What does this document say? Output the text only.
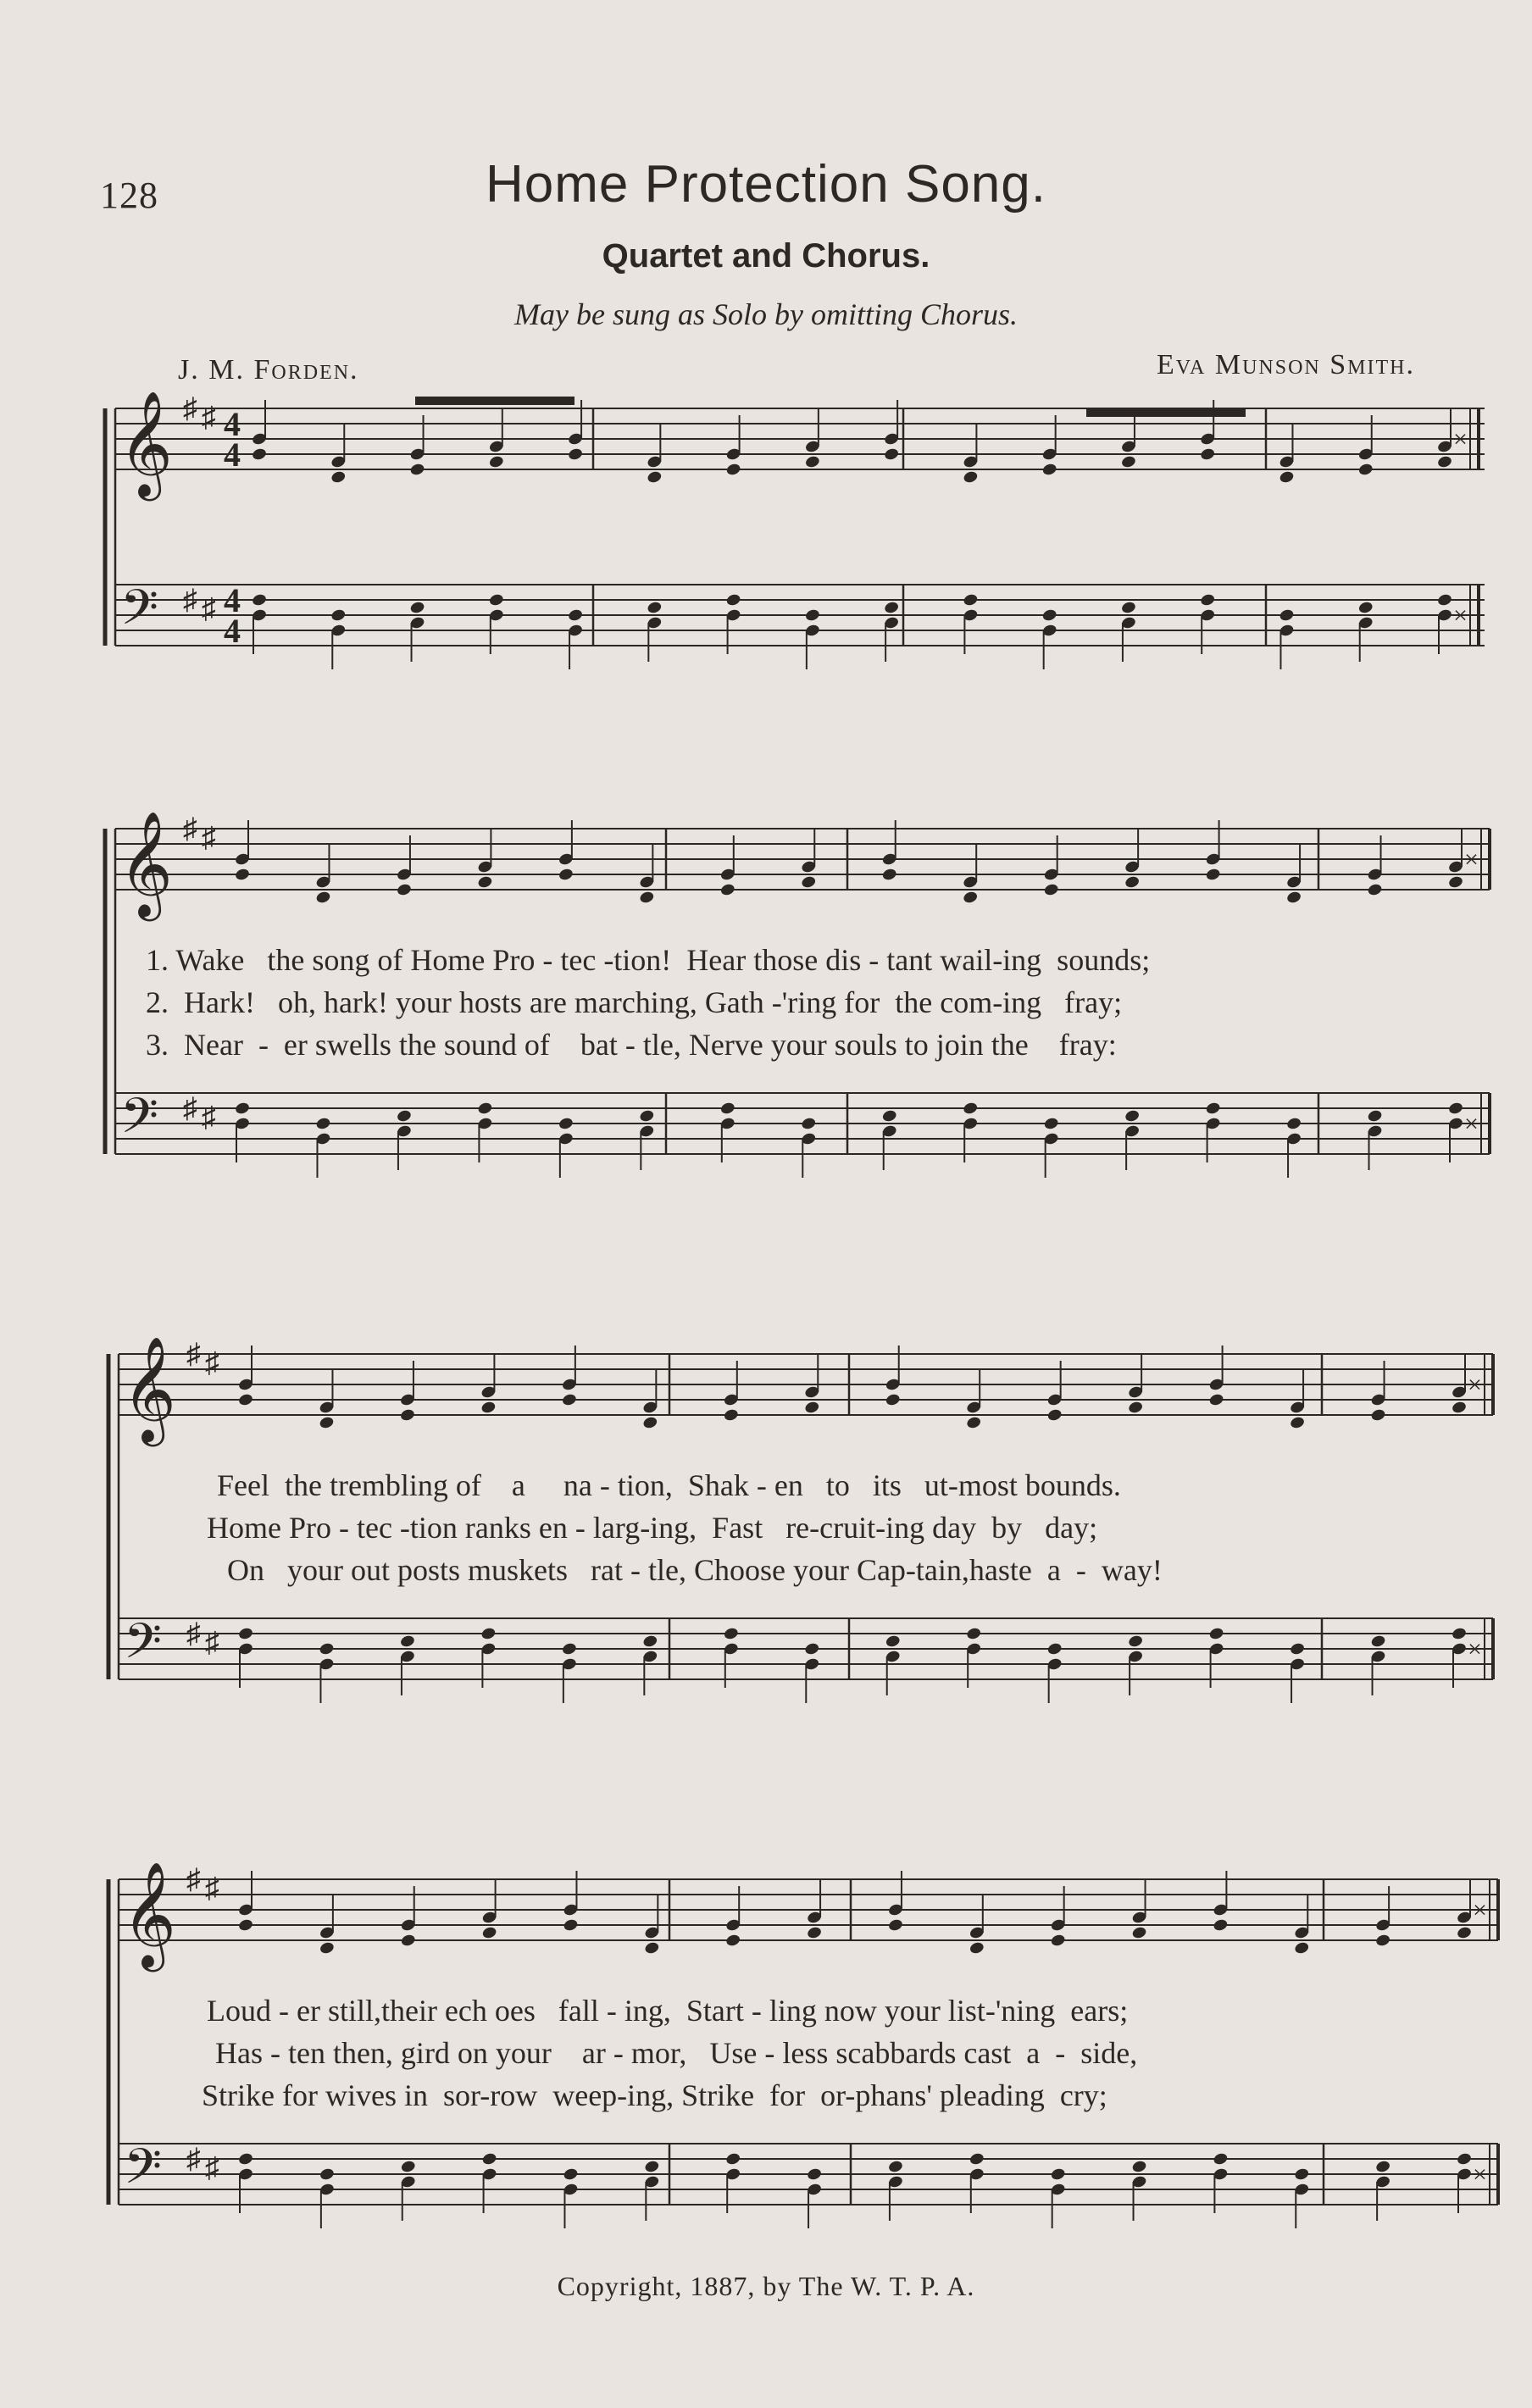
128	Home Protection Song.
Quartet and Chorus.
May be sung as Solo by omitting Chorus.
J. M. Forden.	Eva Munson Smith.
𝄞
𝄢
♯
♯
♯
♯
4
4
4
4
×
×
𝄞
𝄢
♯
♯
♯
♯
×
×
𝄞
𝄢
♯
♯
♯
♯
×
×
𝄞
𝄢
♯
♯
♯
♯
×
×
1. Wake   the song of Home Pro - tec -tion!  Hear those dis - tant wail-ing  sounds;
2.  Hark!   oh, hark! your hosts are marching, Gath -'ring for  the com-ing   fray;
3.  Near  -  er swells the sound of    bat - tle, Nerve your souls to join the    fray:
Feel  the trembling of    a     na - tion,  Shak - en   to   its   ut-most bounds.
Home Pro - tec -tion ranks en - larg-ing,  Fast   re-cruit-ing day  by   day;
On   your out posts muskets   rat - tle, Choose your Cap-tain,haste  a  -  way!
Loud - er still,their ech oes   fall - ing,  Start - ling now your list-'ning  ears;
Has - ten then, gird on your    ar - mor,   Use - less scabbards cast  a  -  side,
Strike for wives in  sor-row  weep-ing, Strike  for  or-phans' pleading  cry;
Copyright, 1887, by The W. T. P. A.
